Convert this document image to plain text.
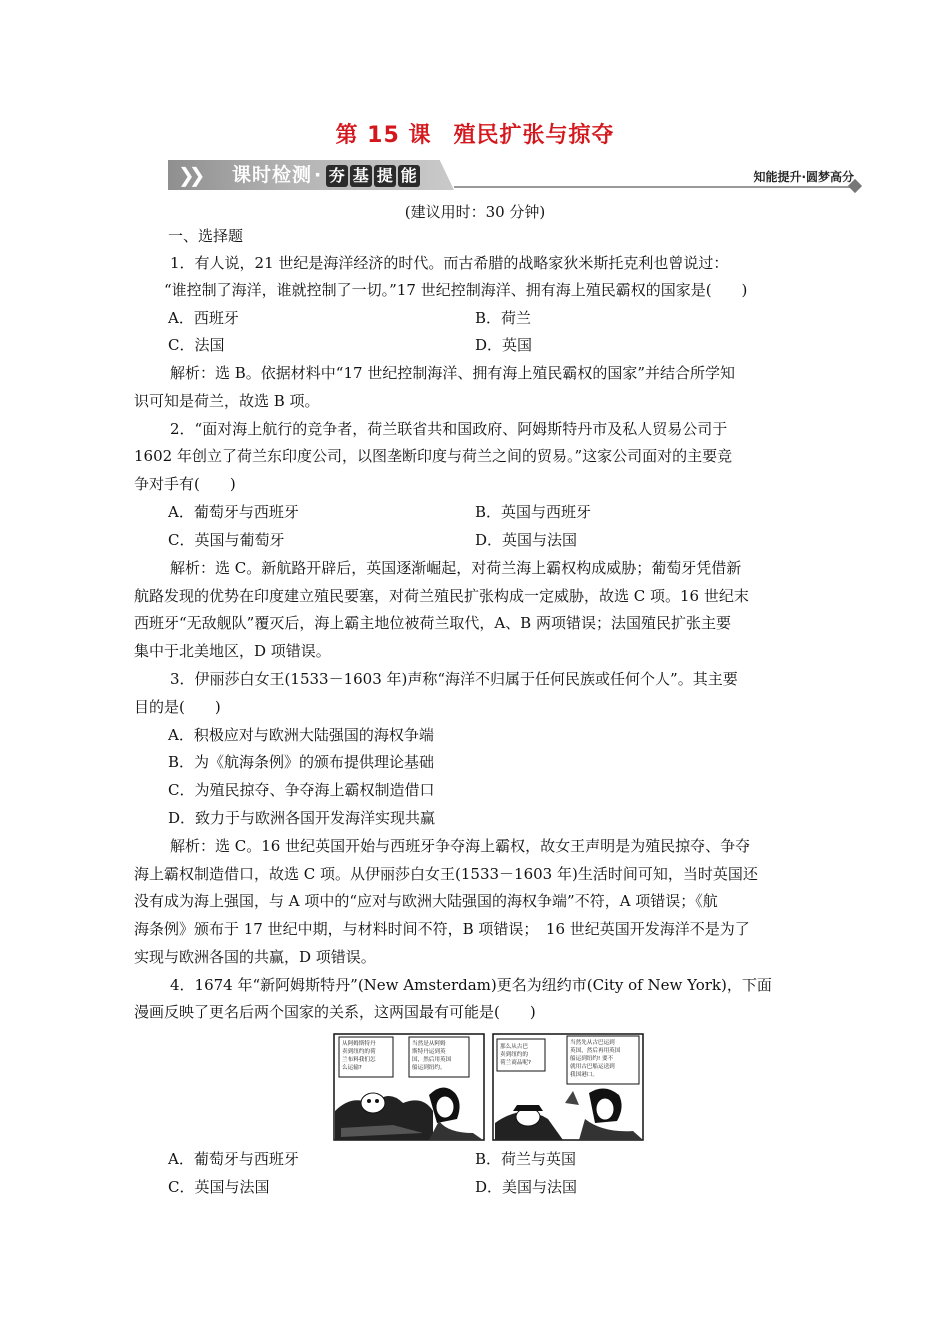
第 15 课 殖民扩张与掠夺
❯❯ 课时检测 · 夯 基 提 能	知能提升·圆梦高分
(建议用时：30 分钟)
一、选择题
1．有人说，21 世纪是海洋经济的时代。而古希腊的战略家狄米斯托克利也曾说过：
“谁控制了海洋，谁就控制了一切。”17 世纪控制海洋、拥有海上殖民霸权的国家是(　　)
A．西班牙	B．荷兰
C．法国	D．英国
解析：选 B。依据材料中“17 世纪控制海洋、拥有海上殖民霸权的国家”并结合所学知
识可知是荷兰，故选 B 项。
2．“面对海上航行的竞争者，荷兰联省共和国政府、阿姆斯特丹市及私人贸易公司于
1602 年创立了荷兰东印度公司，以图垄断印度与荷兰之间的贸易。”这家公司面对的主要竞
争对手有(　　)
A．葡萄牙与西班牙	B．英国与西班牙
C．英国与葡萄牙	D．英国与法国
解析：选 C。新航路开辟后，英国逐渐崛起，对荷兰海上霸权构成威胁；葡萄牙凭借新
航路发现的优势在印度建立殖民要塞，对荷兰殖民扩张构成一定威胁，故选 C 项。16 世纪末
西班牙“无敌舰队”覆灭后，海上霸主地位被荷兰取代，A、B 两项错误；法国殖民扩张主要
集中于北美地区，D 项错误。
3．伊丽莎白女王(1533－1603 年)声称“海洋不归属于任何民族或任何个人”。其主要
目的是(　　)
A．积极应对与欧洲大陆强国的海权争端
B．为《航海条例》的颁布提供理论基础
C．为殖民掠夺、争夺海上霸权制造借口
D．致力于与欧洲各国开发海洋实现共赢
解析：选 C。16 世纪英国开始与西班牙争夺海上霸权，故女王声明是为殖民掠夺、争夺
海上霸权制造借口，故选 C 项。从伊丽莎白女王(1533－1603 年)生活时间可知，当时英国还
没有成为海上强国，与 A 项中的“应对与欧洲大陆强国的海权争端”不符，A 项错误；《航
海条例》颁布于 17 世纪中期，与材料时间不符，B 项错误；　16 世纪英国开发海洋不是为了
实现与欧洲各国的共赢，D 项错误。
4．1674 年“新阿姆斯特丹”(New Amsterdam)更名为纽约市(City of New York)，下面
漫画反映了更名后两个国家的关系，这两国最有可能是(　　)
从阿姆斯特丹 卖到纽约的荷 兰布料我们怎 么运输?
当然是从阿姆 斯特丹运到英 国，然后用英国 船运到纽约。
那么从古巴 卖到纽约的 荷兰商品呢?
当然先从古巴运到 英国，然后再用英国 船运到纽约! 要不 就用古巴船运送到 我国港口。
A．葡萄牙与西班牙	B．荷兰与英国
C．英国与法国	D．美国与法国
